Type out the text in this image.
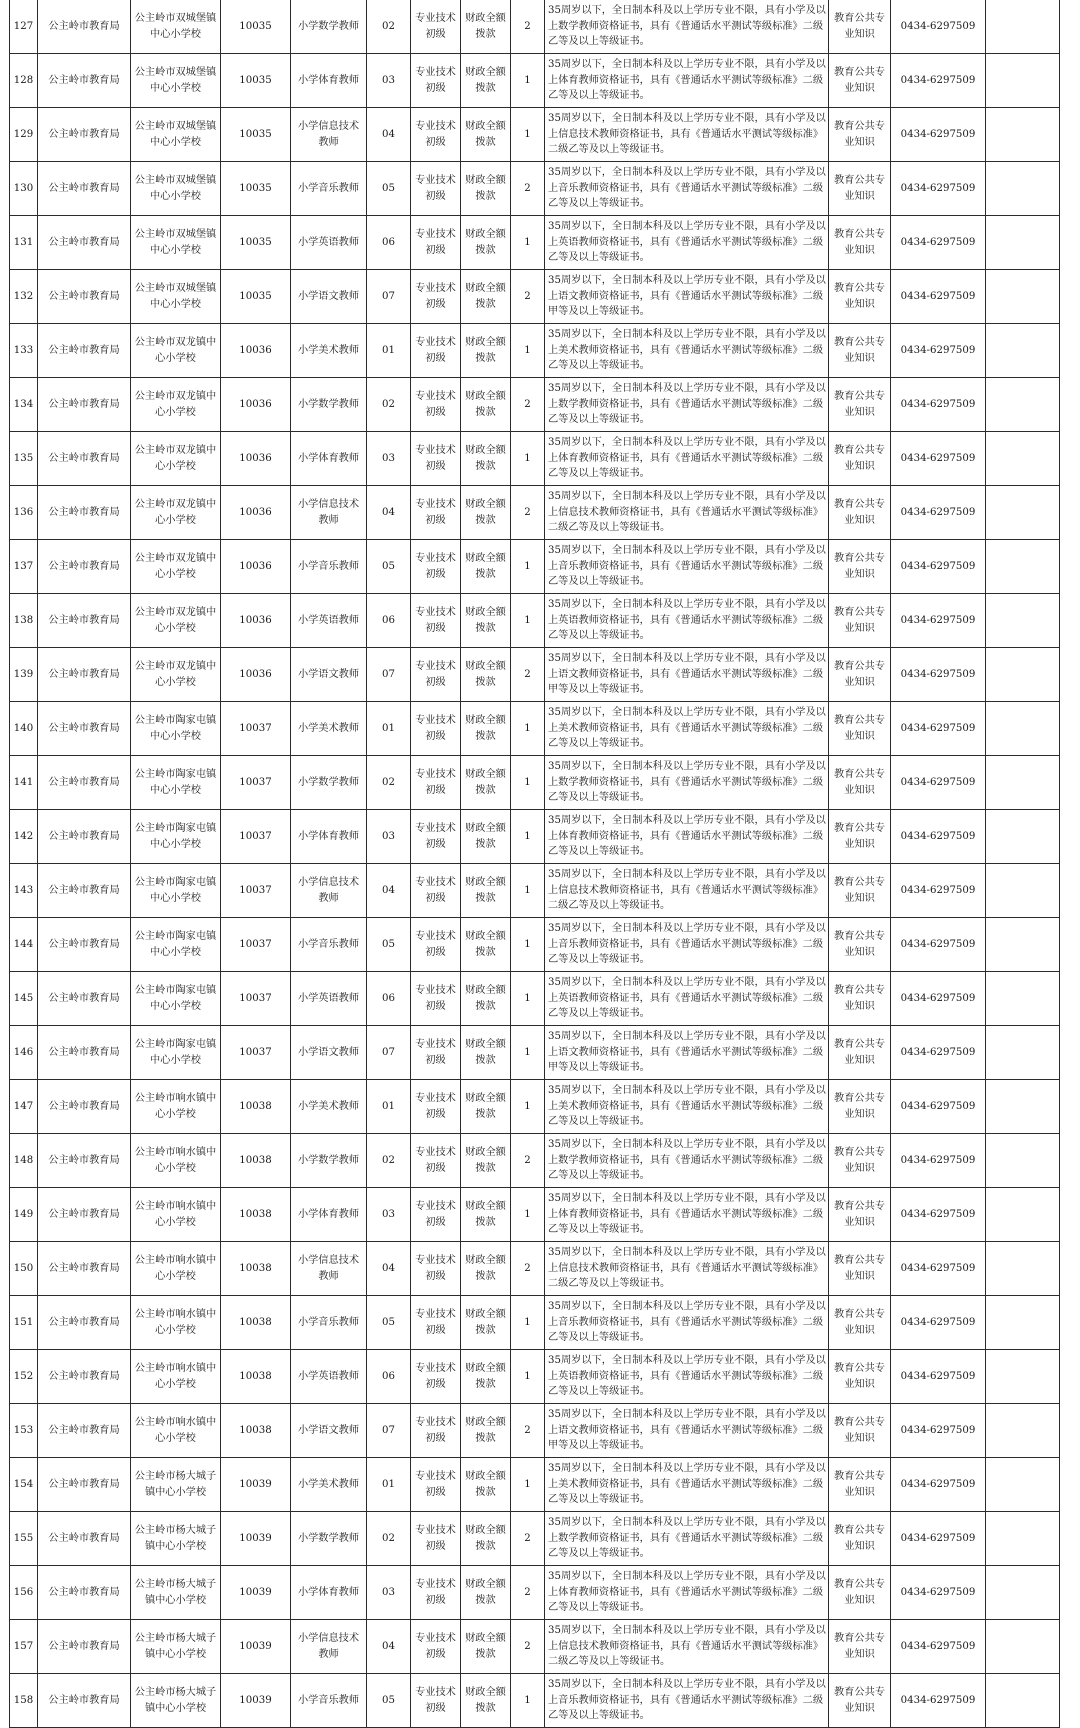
127	公主岭市教育局	公主岭市双城堡镇中心小学校	10035	小学数学教师	02	专业技术初级	财政全额拨款	2	35周岁以下，全日制本科及以上学历专业不限，具有小学及以上数学教师资格证书，具有《普通话水平测试等级标准》二级乙等及以上等级证书。	教育公共专业知识	0434-6297509	
128	公主岭市教育局	公主岭市双城堡镇中心小学校	10035	小学体育教师	03	专业技术初级	财政全额拨款	1	35周岁以下，全日制本科及以上学历专业不限，具有小学及以上体育教师资格证书，具有《普通话水平测试等级标准》二级乙等及以上等级证书。	教育公共专业知识	0434-6297509	
129	公主岭市教育局	公主岭市双城堡镇中心小学校	10035	小学信息技术教师	04	专业技术初级	财政全额拨款	1	35周岁以下，全日制本科及以上学历专业不限，具有小学及以上信息技术教师资格证书，具有《普通话水平测试等级标准》二级乙等及以上等级证书。	教育公共专业知识	0434-6297509	
130	公主岭市教育局	公主岭市双城堡镇中心小学校	10035	小学音乐教师	05	专业技术初级	财政全额拨款	2	35周岁以下，全日制本科及以上学历专业不限，具有小学及以上音乐教师资格证书，具有《普通话水平测试等级标准》二级乙等及以上等级证书。	教育公共专业知识	0434-6297509	
131	公主岭市教育局	公主岭市双城堡镇中心小学校	10035	小学英语教师	06	专业技术初级	财政全额拨款	1	35周岁以下，全日制本科及以上学历专业不限，具有小学及以上英语教师资格证书，具有《普通话水平测试等级标准》二级乙等及以上等级证书。	教育公共专业知识	0434-6297509	
132	公主岭市教育局	公主岭市双城堡镇中心小学校	10035	小学语文教师	07	专业技术初级	财政全额拨款	2	35周岁以下，全日制本科及以上学历专业不限，具有小学及以上语文教师资格证书，具有《普通话水平测试等级标准》二级甲等及以上等级证书。	教育公共专业知识	0434-6297509	
133	公主岭市教育局	公主岭市双龙镇中心小学校	10036	小学美术教师	01	专业技术初级	财政全额拨款	1	35周岁以下，全日制本科及以上学历专业不限，具有小学及以上美术教师资格证书，具有《普通话水平测试等级标准》二级乙等及以上等级证书。	教育公共专业知识	0434-6297509	
134	公主岭市教育局	公主岭市双龙镇中心小学校	10036	小学数学教师	02	专业技术初级	财政全额拨款	2	35周岁以下，全日制本科及以上学历专业不限，具有小学及以上数学教师资格证书，具有《普通话水平测试等级标准》二级乙等及以上等级证书。	教育公共专业知识	0434-6297509	
135	公主岭市教育局	公主岭市双龙镇中心小学校	10036	小学体育教师	03	专业技术初级	财政全额拨款	1	35周岁以下，全日制本科及以上学历专业不限，具有小学及以上体育教师资格证书，具有《普通话水平测试等级标准》二级乙等及以上等级证书。	教育公共专业知识	0434-6297509	
136	公主岭市教育局	公主岭市双龙镇中心小学校	10036	小学信息技术教师	04	专业技术初级	财政全额拨款	2	35周岁以下，全日制本科及以上学历专业不限，具有小学及以上信息技术教师资格证书，具有《普通话水平测试等级标准》二级乙等及以上等级证书。	教育公共专业知识	0434-6297509	
137	公主岭市教育局	公主岭市双龙镇中心小学校	10036	小学音乐教师	05	专业技术初级	财政全额拨款	1	35周岁以下，全日制本科及以上学历专业不限，具有小学及以上音乐教师资格证书，具有《普通话水平测试等级标准》二级乙等及以上等级证书。	教育公共专业知识	0434-6297509	
138	公主岭市教育局	公主岭市双龙镇中心小学校	10036	小学英语教师	06	专业技术初级	财政全额拨款	1	35周岁以下，全日制本科及以上学历专业不限，具有小学及以上英语教师资格证书，具有《普通话水平测试等级标准》二级乙等及以上等级证书。	教育公共专业知识	0434-6297509	
139	公主岭市教育局	公主岭市双龙镇中心小学校	10036	小学语文教师	07	专业技术初级	财政全额拨款	2	35周岁以下，全日制本科及以上学历专业不限，具有小学及以上语文教师资格证书，具有《普通话水平测试等级标准》二级甲等及以上等级证书。	教育公共专业知识	0434-6297509	
140	公主岭市教育局	公主岭市陶家屯镇中心小学校	10037	小学美术教师	01	专业技术初级	财政全额拨款	1	35周岁以下，全日制本科及以上学历专业不限，具有小学及以上美术教师资格证书，具有《普通话水平测试等级标准》二级乙等及以上等级证书。	教育公共专业知识	0434-6297509	
141	公主岭市教育局	公主岭市陶家屯镇中心小学校	10037	小学数学教师	02	专业技术初级	财政全额拨款	1	35周岁以下，全日制本科及以上学历专业不限，具有小学及以上数学教师资格证书，具有《普通话水平测试等级标准》二级乙等及以上等级证书。	教育公共专业知识	0434-6297509	
142	公主岭市教育局	公主岭市陶家屯镇中心小学校	10037	小学体育教师	03	专业技术初级	财政全额拨款	1	35周岁以下，全日制本科及以上学历专业不限，具有小学及以上体育教师资格证书，具有《普通话水平测试等级标准》二级乙等及以上等级证书。	教育公共专业知识	0434-6297509	
143	公主岭市教育局	公主岭市陶家屯镇中心小学校	10037	小学信息技术教师	04	专业技术初级	财政全额拨款	1	35周岁以下，全日制本科及以上学历专业不限，具有小学及以上信息技术教师资格证书，具有《普通话水平测试等级标准》二级乙等及以上等级证书。	教育公共专业知识	0434-6297509	
144	公主岭市教育局	公主岭市陶家屯镇中心小学校	10037	小学音乐教师	05	专业技术初级	财政全额拨款	1	35周岁以下，全日制本科及以上学历专业不限，具有小学及以上音乐教师资格证书，具有《普通话水平测试等级标准》二级乙等及以上等级证书。	教育公共专业知识	0434-6297509	
145	公主岭市教育局	公主岭市陶家屯镇中心小学校	10037	小学英语教师	06	专业技术初级	财政全额拨款	1	35周岁以下，全日制本科及以上学历专业不限，具有小学及以上英语教师资格证书，具有《普通话水平测试等级标准》二级乙等及以上等级证书。	教育公共专业知识	0434-6297509	
146	公主岭市教育局	公主岭市陶家屯镇中心小学校	10037	小学语文教师	07	专业技术初级	财政全额拨款	1	35周岁以下，全日制本科及以上学历专业不限，具有小学及以上语文教师资格证书，具有《普通话水平测试等级标准》二级甲等及以上等级证书。	教育公共专业知识	0434-6297509	
147	公主岭市教育局	公主岭市响水镇中心小学校	10038	小学美术教师	01	专业技术初级	财政全额拨款	1	35周岁以下，全日制本科及以上学历专业不限，具有小学及以上美术教师资格证书，具有《普通话水平测试等级标准》二级乙等及以上等级证书。	教育公共专业知识	0434-6297509	
148	公主岭市教育局	公主岭市响水镇中心小学校	10038	小学数学教师	02	专业技术初级	财政全额拨款	2	35周岁以下，全日制本科及以上学历专业不限，具有小学及以上数学教师资格证书，具有《普通话水平测试等级标准》二级乙等及以上等级证书。	教育公共专业知识	0434-6297509	
149	公主岭市教育局	公主岭市响水镇中心小学校	10038	小学体育教师	03	专业技术初级	财政全额拨款	1	35周岁以下，全日制本科及以上学历专业不限，具有小学及以上体育教师资格证书，具有《普通话水平测试等级标准》二级乙等及以上等级证书。	教育公共专业知识	0434-6297509	
150	公主岭市教育局	公主岭市响水镇中心小学校	10038	小学信息技术教师	04	专业技术初级	财政全额拨款	2	35周岁以下，全日制本科及以上学历专业不限，具有小学及以上信息技术教师资格证书，具有《普通话水平测试等级标准》二级乙等及以上等级证书。	教育公共专业知识	0434-6297509	
151	公主岭市教育局	公主岭市响水镇中心小学校	10038	小学音乐教师	05	专业技术初级	财政全额拨款	1	35周岁以下，全日制本科及以上学历专业不限，具有小学及以上音乐教师资格证书，具有《普通话水平测试等级标准》二级乙等及以上等级证书。	教育公共专业知识	0434-6297509	
152	公主岭市教育局	公主岭市响水镇中心小学校	10038	小学英语教师	06	专业技术初级	财政全额拨款	1	35周岁以下，全日制本科及以上学历专业不限，具有小学及以上英语教师资格证书，具有《普通话水平测试等级标准》二级乙等及以上等级证书。	教育公共专业知识	0434-6297509	
153	公主岭市教育局	公主岭市响水镇中心小学校	10038	小学语文教师	07	专业技术初级	财政全额拨款	2	35周岁以下，全日制本科及以上学历专业不限，具有小学及以上语文教师资格证书，具有《普通话水平测试等级标准》二级甲等及以上等级证书。	教育公共专业知识	0434-6297509	
154	公主岭市教育局	公主岭市杨大城子镇中心小学校	10039	小学美术教师	01	专业技术初级	财政全额拨款	1	35周岁以下，全日制本科及以上学历专业不限，具有小学及以上美术教师资格证书，具有《普通话水平测试等级标准》二级乙等及以上等级证书。	教育公共专业知识	0434-6297509	
155	公主岭市教育局	公主岭市杨大城子镇中心小学校	10039	小学数学教师	02	专业技术初级	财政全额拨款	2	35周岁以下，全日制本科及以上学历专业不限，具有小学及以上数学教师资格证书，具有《普通话水平测试等级标准》二级乙等及以上等级证书。	教育公共专业知识	0434-6297509	
156	公主岭市教育局	公主岭市杨大城子镇中心小学校	10039	小学体育教师	03	专业技术初级	财政全额拨款	2	35周岁以下，全日制本科及以上学历专业不限，具有小学及以上体育教师资格证书，具有《普通话水平测试等级标准》二级乙等及以上等级证书。	教育公共专业知识	0434-6297509	
157	公主岭市教育局	公主岭市杨大城子镇中心小学校	10039	小学信息技术教师	04	专业技术初级	财政全额拨款	2	35周岁以下，全日制本科及以上学历专业不限，具有小学及以上信息技术教师资格证书，具有《普通话水平测试等级标准》二级乙等及以上等级证书。	教育公共专业知识	0434-6297509	
158	公主岭市教育局	公主岭市杨大城子镇中心小学校	10039	小学音乐教师	05	专业技术初级	财政全额拨款	1	35周岁以下，全日制本科及以上学历专业不限，具有小学及以上音乐教师资格证书，具有《普通话水平测试等级标准》二级乙等及以上等级证书。	教育公共专业知识	0434-6297509	
